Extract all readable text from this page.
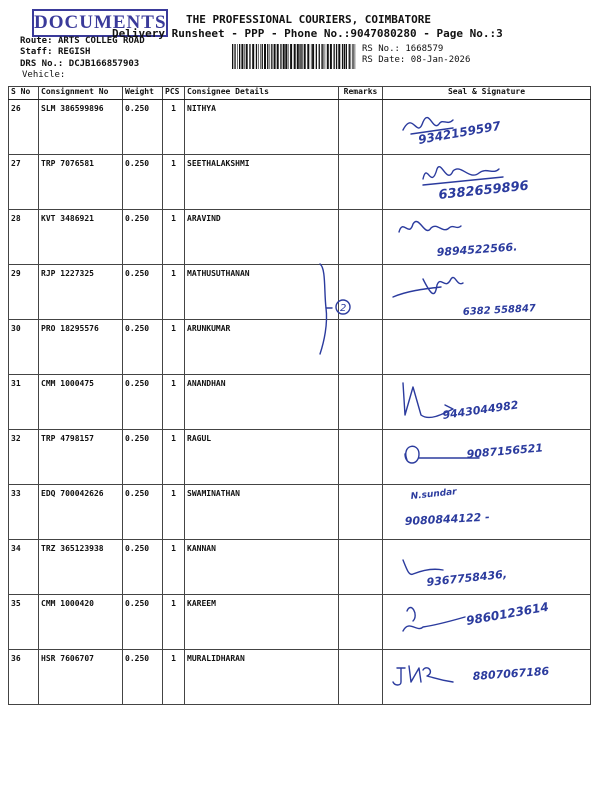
DOCUMENTS THE PROFESSIONAL COURIERS, COIMBATORE
Delivery Runsheet - PPP - Phone No.:9047080280 - Page No.:3
Route: ARTS COLLEG ROAD
Staff: REGISH
DRS No.: DCJB166857903
Vehicle:
RS No.: 1668579
RS Date: 08-Jan-2026
S No	Consignment No	Weight	PCS	Consignee Details	Remarks	Seal & Signature
26	SLM 386599896	0.250	1	NITHYA		9342159597

27	TRP 7076581	0.250	1	SEETHALAKSHMI		6382659896

28	KVT 3486921	0.250	1	ARAVIND		9894522566.

29	RJP 1227325	0.250	1	MATHUSUTHANAN		6382 558847

30	PRO 18295576	0.250	1	ARUNKUMAR		
31	CMM 1000475	0.250	1	ANANDHAN		9443044982

32	TRP 4798157	0.250	1	RAGUL		9087156521

33	EDQ 700042626	0.250	1	SWAMINATHAN		N.sundar
9080844122 -

34	TRZ 365123938	0.250	1	KANNAN		9367758436,

35	CMM 1000420	0.250	1	KAREEM		9860123614

36	HSR 7606707	0.250	1	MURALIDHARAN		8807067186
2
